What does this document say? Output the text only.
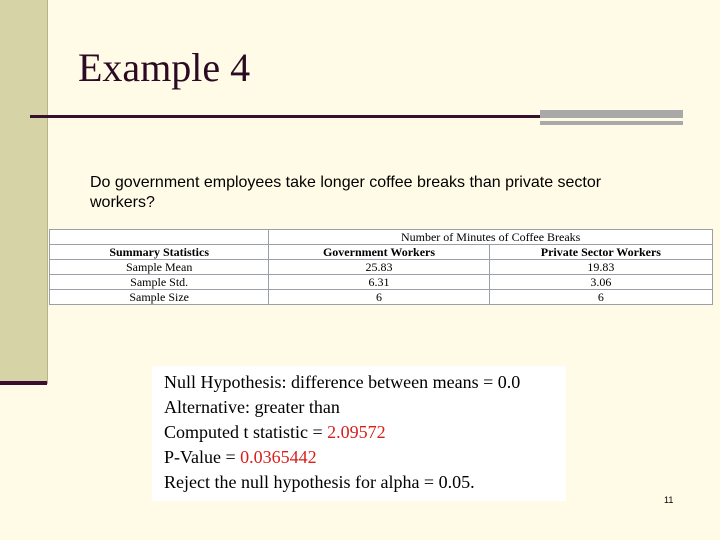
Example 4
Do government employees take longer coffee breaks than private sector workers?
	Number of Minutes of Coffee Breaks	
Summary Statistics	Government Workers	Private Sector Workers
Sample Mean	25.83	19.83
Sample Std.	6.31	3.06
Sample Size	6	6
Null Hypothesis: difference between means = 0.0
Alternative: greater than
Computed t statistic = 2.09572
P-Value = 0.0365442
Reject the null hypothesis for alpha = 0.05.
11
